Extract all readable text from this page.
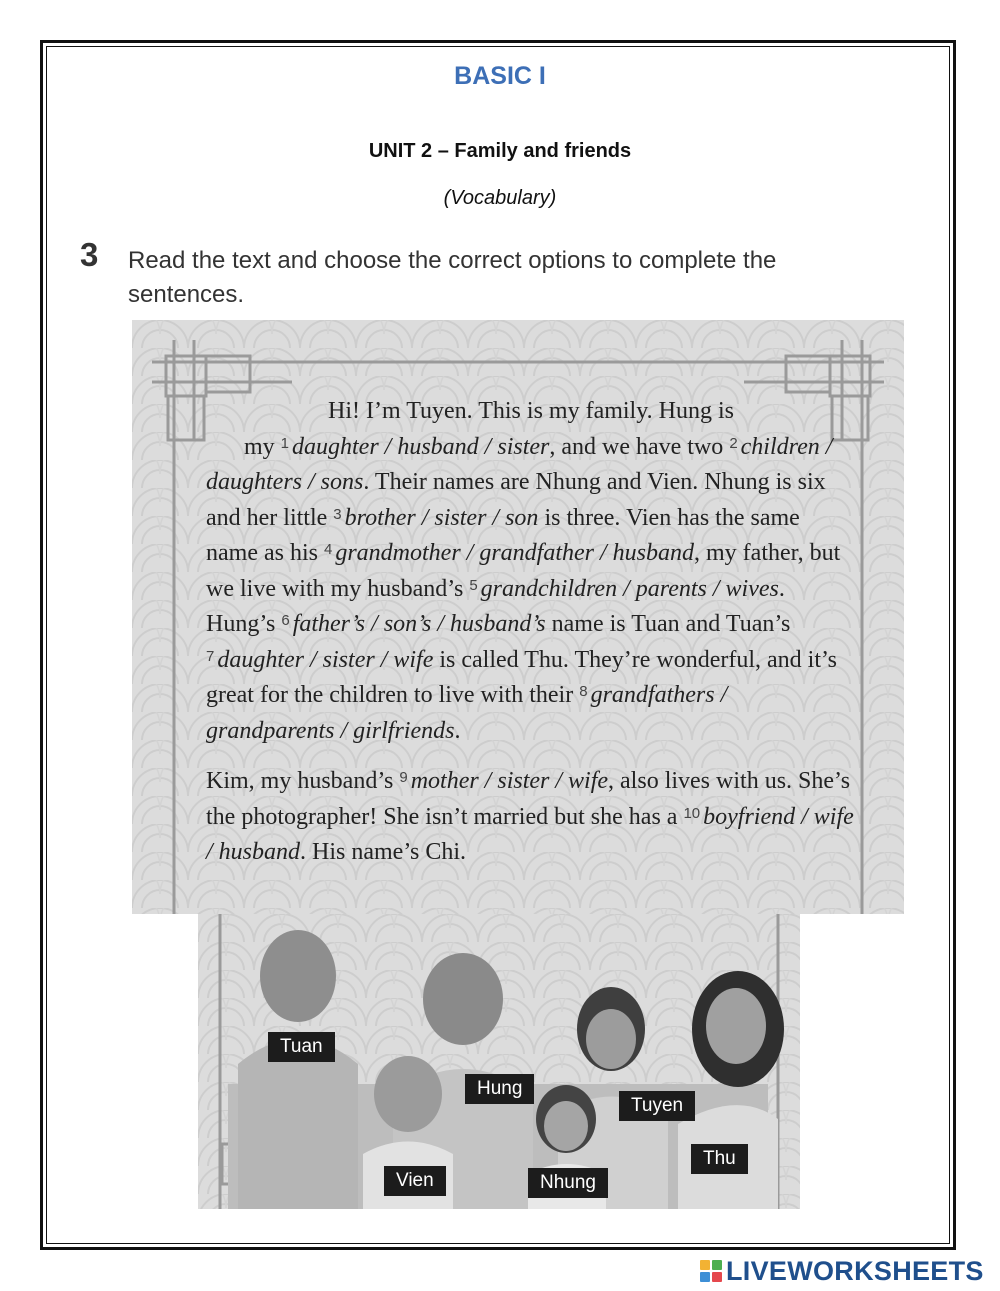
BASIC I
UNIT 2 – Family and friends
(Vocabulary)
3 Read the text and choose the correct options to complete the sentences.

Hi! I’m Tuyen. This is my family. Hung is
my $^1$ daughter / husband / sister, and we have two $^2$ children / daughters / sons. Their names are Nhung and Vien. Nhung is six and her little $^3$ brother / sister / son is three. Vien has the same name as his $^4$ grandmother / grandfather / husband, my father, but we live with my husband’s $^5$ grandchildren / parents / wives. Hung’s $^6$ father’s / son’s / husband’s name is Tuan and Tuan’s $^7$ daughter / sister / wife is called Thu. They’re wonderful, and it’s great for the children to live with their $^8$ grandfathers / grandparents / girlfriends.

Kim, my husband’s $^9$ mother / sister / wife, also lives with us. She’s the photographer! She isn’t married but she has a $^{10}$ boyfriend / wife / husband. His name’s Chi.

Tuan
Hung
Tuyen
Thu
Vien	Nhung
LIVEWORKSHEETS
